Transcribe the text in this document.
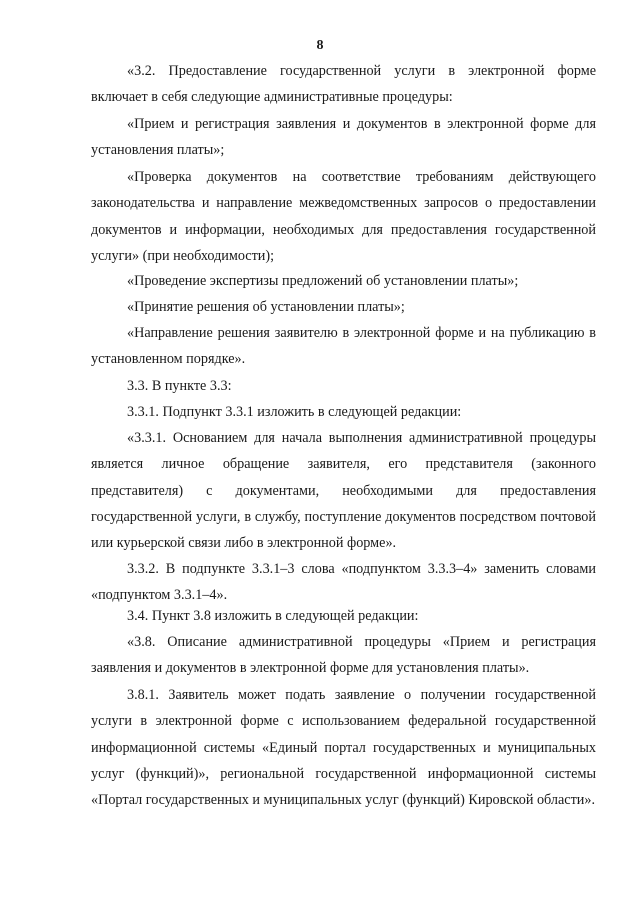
8

«3.2. Предоставление государственной услуги в электронной форме включает в себя следующие административные процедуры:

«Прием и регистрация заявления и документов в электронной форме для установления платы»;

«Проверка документов на соответствие требованиям действующего законодательства и направление межведомственных запросов о предоставлении документов и информации, необходимых для предоставления государственной услуги» (при необходимости);

«Проведение экспертизы предложений об установлении платы»;

«Принятие решения об установлении платы»;

«Направление решения заявителю в электронной форме и на публикацию в установленном порядке».

3.3. В пункте 3.3:

3.3.1. Подпункт 3.3.1 изложить в следующей редакции:

«3.3.1. Основанием для начала выполнения административной процедуры является личное обращение заявителя, его представителя (законного представителя) с документами, необходимыми для предоставления государственной услуги, в службу, поступление документов посредством почтовой или курьерской связи либо в электронной форме».

3.3.2. В подпункте 3.3.1–3 слова «подпунктом 3.3.3–4» заменить словами «подпунктом 3.3.1–4».

3.4. Пункт 3.8 изложить в следующей редакции:

«3.8. Описание административной процедуры «Прием и регистрация заявления и документов в электронной форме для установления платы».

3.8.1. Заявитель может подать заявление о получении государственной услуги в электронной форме с использованием федеральной государственной информационной системы «Единый портал государственных и муниципальных услуг (функций)», региональной государственной информационной системы «Портал государственных и муниципальных услуг (функций) Кировской области».
